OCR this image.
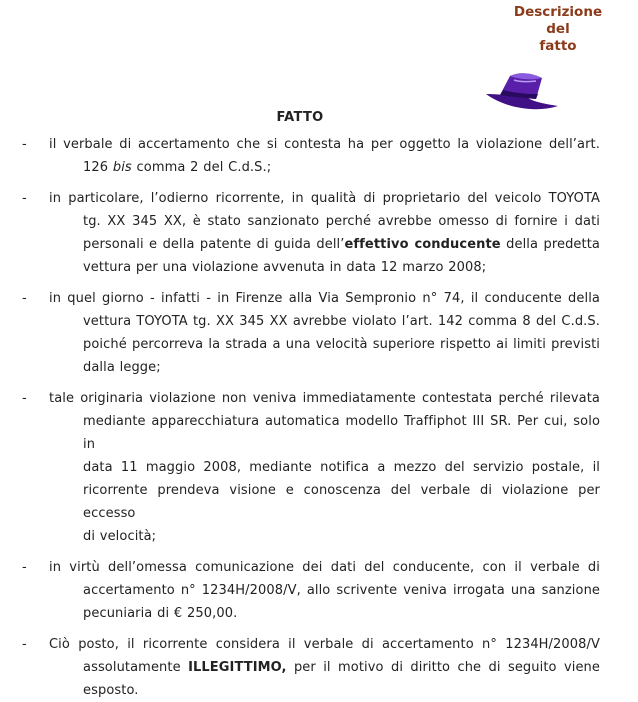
Descrizione
del
fatto
FATTO
-	il verbale di accertamento che si contesta ha per oggetto la violazione dell’art.

126 bis comma 2 del C.d.S.;

-	in particolare, l’odierno ricorrente, in qualità di proprietario del veicolo TOYOTA

tg. XX 345 XX, è stato sanzionato perché avrebbe omesso di fornire i dati

personali e della patente di guida dell’effettivo conducente della predetta

vettura per una violazione avvenuta in data 12 marzo 2008;

-	in quel giorno - infatti - in Firenze alla Via Sempronio n° 74, il conducente della

vettura TOYOTA tg. XX 345 XX avrebbe violato l’art. 142 comma 8 del C.d.S.

poiché percorreva la strada a una velocità superiore rispetto ai limiti previsti

dalla legge;

-	tale originaria violazione non veniva immediatamente contestata perché rilevata

mediante apparecchiatura automatica modello Traffiphot III SR. Per cui, solo in

data 11 maggio 2008, mediante notifica a mezzo del servizio postale, il

ricorrente prendeva visione e conoscenza del verbale di violazione per eccesso

di velocità;

-	in virtù dell’omessa comunicazione dei dati del conducente, con il verbale di

accertamento n° 1234H/2008/V, allo scrivente veniva irrogata una sanzione

pecuniaria di € 250,00.

-	Ciò posto, il ricorrente considera il verbale di accertamento n° 1234H/2008/V

assolutamente ILLEGITTIMO, per il motivo di diritto che di seguito viene

esposto.
